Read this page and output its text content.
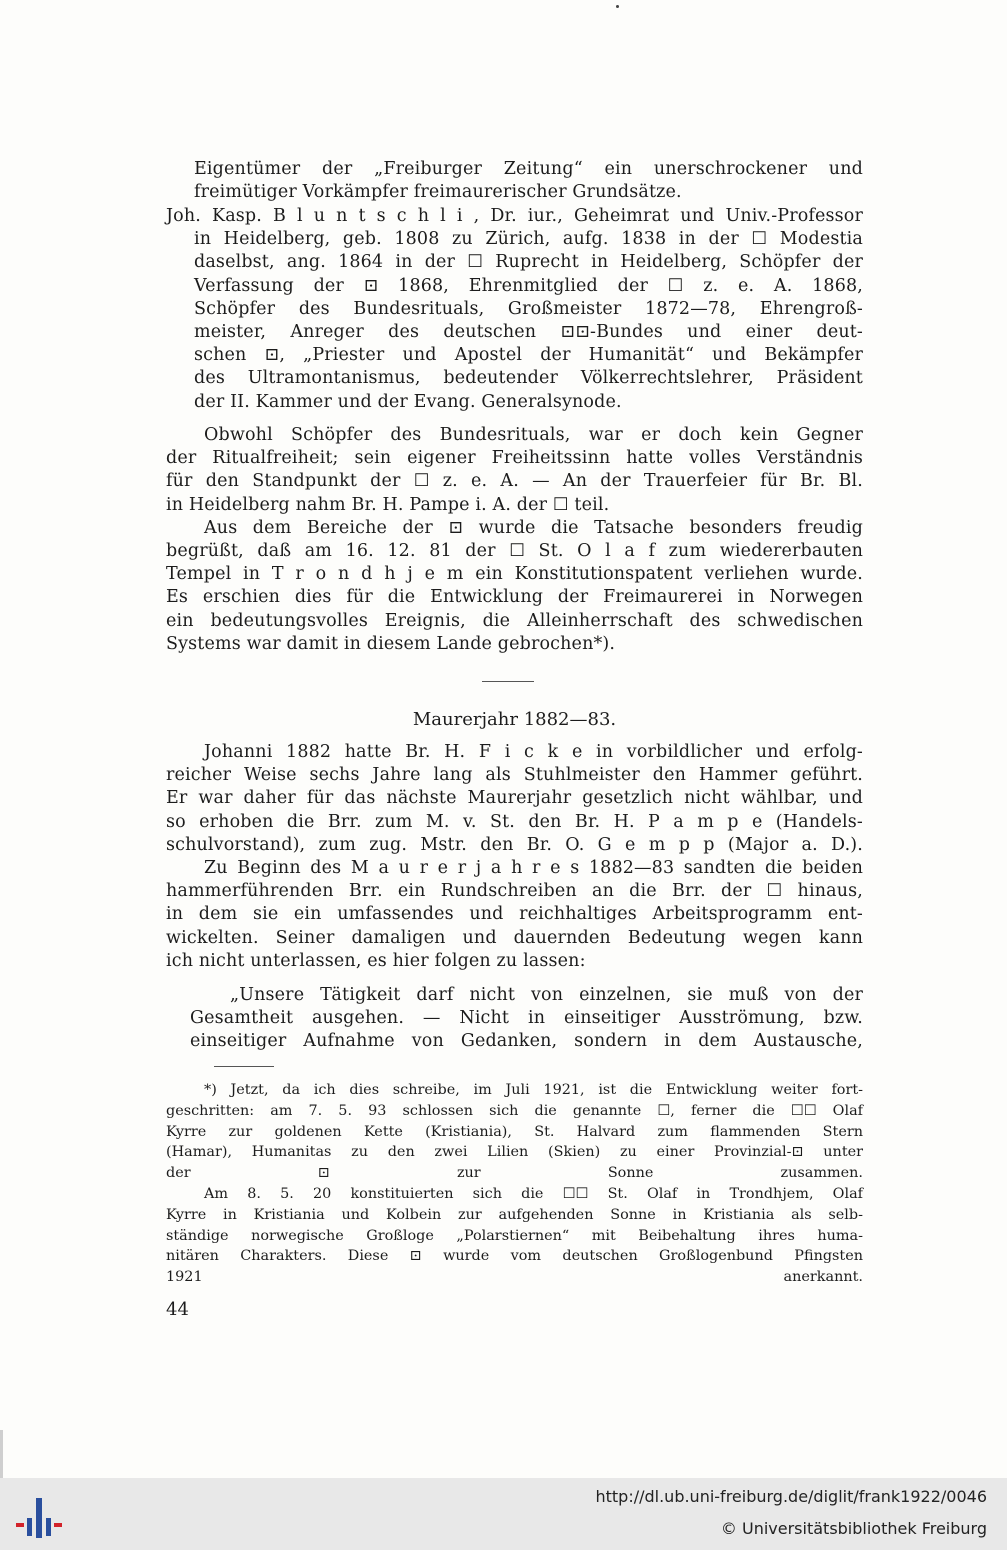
Eigentümer der „Freiburger Zeitung“ ein unerschrockener und
freimütiger Vorkämpfer freimaurerischer Grundsätze.
Joh. Kasp. B l u n t s c h l i , Dr. iur., Geheimrat und Univ.-Professor
in Heidelberg, geb. 1808 zu Zürich, aufg. 1838 in der ☐ Modestia
daselbst, ang. 1864 in der ☐ Ruprecht in Heidelberg, Schöpfer der
Verfassung der ⊡ 1868, Ehrenmitglied der ☐ z. e. A. 1868,
Schöpfer des Bundesrituals, Großmeister 1872—78, Ehrengroß-
meister, Anreger des deutschen ⊡⊡-Bundes und einer deut-
schen ⊡, „Priester und Apostel der Humanität“ und Bekämpfer
des Ultramontanismus, bedeutender Völkerrechtslehrer, Präsident
der II. Kammer und der Evang. Generalsynode.
Obwohl Schöpfer des Bundesrituals, war er doch kein Gegner
der Ritualfreiheit; sein eigener Freiheitssinn hatte volles Verständnis
für den Standpunkt der ☐ z. e. A. — An der Trauerfeier für Br. Bl.
in Heidelberg nahm Br. H. Pampe i. A. der ☐ teil.
Aus dem Bereiche der ⊡ wurde die Tatsache besonders freudig
begrüßt, daß am 16. 12. 81 der ☐ St. O l a f zum wiedererbauten
Tempel in T r o n d h j e m ein Konstitutionspatent verliehen wurde.
Es erschien dies für die Entwicklung der Freimaurerei in Norwegen
ein bedeutungsvolles Ereignis, die Alleinherrschaft des schwedischen
Systems war damit in diesem Lande gebrochen*).
Maurerjahr 1882—83.
Johanni 1882 hatte Br. H. F i c k e in vorbildlicher und erfolg-
reicher Weise sechs Jahre lang als Stuhlmeister den Hammer geführt.
Er war daher für das nächste Maurerjahr gesetzlich nicht wählbar, und
so erhoben die Brr. zum M. v. St. den Br. H. P a m p e (Handels-
schulvorstand), zum zug. Mstr. den Br. O. G e m p p (Major a. D.).
Zu Beginn des M a u r e r j a h r e s 1882—83 sandten die beiden
hammerführenden Brr. ein Rundschreiben an die Brr. der ☐ hinaus,
in dem sie ein umfassendes und reichhaltiges Arbeitsprogramm ent-
wickelten. Seiner damaligen und dauernden Bedeutung wegen kann
ich nicht unterlassen, es hier folgen zu lassen:
„Unsere Tätigkeit darf nicht von einzelnen, sie muß von der
Gesamtheit ausgehen. — Nicht in einseitiger Ausströmung, bzw.
einseitiger Aufnahme von Gedanken, sondern in dem Austausche,
*) Jetzt, da ich dies schreibe, im Juli 1921, ist die Entwicklung weiter fort-
geschritten: am 7. 5. 93 schlossen sich die genannte ☐, ferner die ☐☐ Olaf
Kyrre zur goldenen Kette (Kristiania), St. Halvard zum flammenden Stern
(Hamar), Humanitas zu den zwei Lilien (Skien) zu einer Provinzial-⊡ unter
der ⊡ zur Sonne zusammen.
Am 8. 5. 20 konstituierten sich die ☐☐ St. Olaf in Trondhjem, Olaf
Kyrre in Kristiania und Kolbein zur aufgehenden Sonne in Kristiania als selb-
ständige norwegische Großloge „Polarstiernen“ mit Beibehaltung ihres huma-
nitären Charakters. Diese ⊡ wurde vom deutschen Großlogenbund Pfingsten
1921 anerkannt.
44
http://dl.ub.uni-freiburg.de/diglit/frank1922/0046
© Universitätsbibliothek Freiburg
